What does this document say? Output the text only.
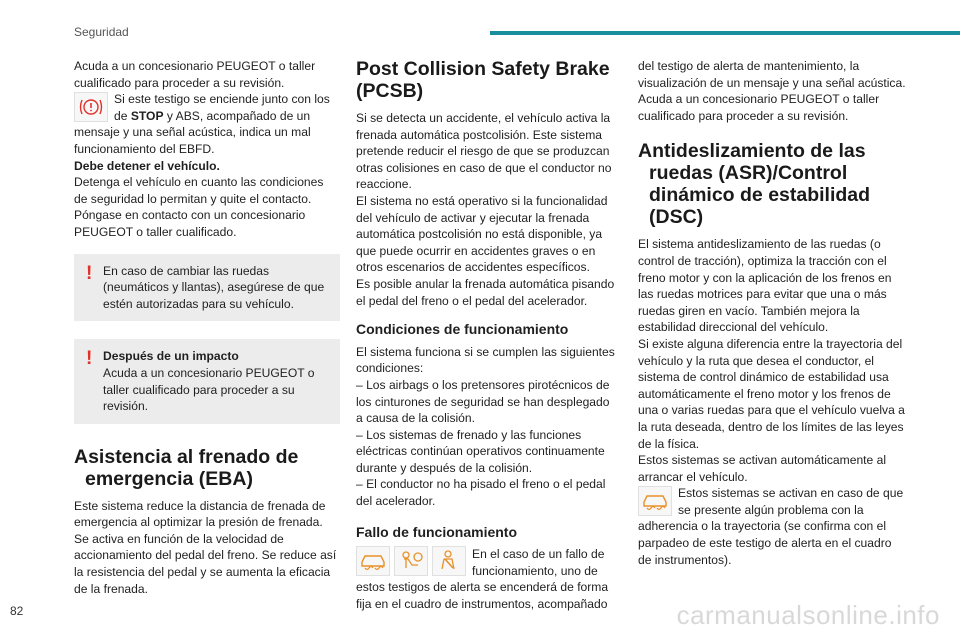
Seguridad

Acuda a un concesionario PEUGEOT o taller cualificado para proceder a su revisión.

Si este testigo se enciende junto con los de STOP y ABS, acompañado de un mensaje y una señal acústica, indica un mal funcionamiento del EBFD.

Debe detener el vehículo.

Detenga el vehículo en cuanto las condiciones de seguridad lo permitan y quite el contacto. Póngase en contacto con un concesionario PEUGEOT o taller cualificado.

! En caso de cambiar las ruedas (neumáticos y llantas), asegúrese de que estén autorizadas para su vehículo.

! Después de un impacto
Acuda a un concesionario PEUGEOT o taller cualificado para proceder a su revisión.

Asistencia al frenado de
emergencia (EBA)

Este sistema reduce la distancia de frenada de emergencia al optimizar la presión de frenada. Se activa en función de la velocidad de accionamiento del pedal del freno. Se reduce así la resistencia del pedal y se aumenta la eficacia de la frenada.

Post Collision Safety Brake
(PCSB)

Si se detecta un accidente, el vehículo activa la frenada automática postcolisión. Este sistema pretende reducir el riesgo de que se produzcan otras colisiones en caso de que el conductor no reaccione.

El sistema no está operativo si la funcionalidad del vehículo de activar y ejecutar la frenada automática postcolisión no está disponible, ya que puede ocurrir en accidentes graves o en otros escenarios de accidentes específicos.

Es posible anular la frenada automática pisando el pedal del freno o el pedal del acelerador.

Condiciones de funcionamiento

El sistema funciona si se cumplen las siguientes condiciones:

– Los airbags o los pretensores pirotécnicos de los cinturones de seguridad se han desplegado a causa de la colisión.

– Los sistemas de frenado y las funciones eléctricas continúan operativos continuamente durante y después de la colisión.

– El conductor no ha pisado el freno o el pedal del acelerador.

Fallo de funcionamiento

En el caso de un fallo de funcionamiento, uno de estos testigos de alerta se encenderá de forma fija en el cuadro de instrumentos, acompañado

del testigo de alerta de mantenimiento, la visualización de un mensaje y una señal acústica.

Acuda a un concesionario PEUGEOT o taller cualificado para proceder a su revisión.

Antideslizamiento de las
ruedas (ASR)/Control
dinámico de estabilidad
(DSC)

El sistema antideslizamiento de las ruedas (o control de tracción), optimiza la tracción con el freno motor y con la aplicación de los frenos en las ruedas motrices para evitar que una o más ruedas giren en vacío. También mejora la estabilidad direccional del vehículo.

Si existe alguna diferencia entre la trayectoria del vehículo y la ruta que desea el conductor, el sistema de control dinámico de estabilidad usa automáticamente el freno motor y los frenos de una o varias ruedas para que el vehículo vuelva a la ruta deseada, dentro de los límites de las leyes de la física.

Estos sistemas se activan automáticamente al arrancar el vehículo.

Estos sistemas se activan en caso de que se presente algún problema con la adherencia o la trayectoria (se confirma con el parpadeo de este testigo de alerta en el cuadro de instrumentos).

82	carmanualsonline.info
